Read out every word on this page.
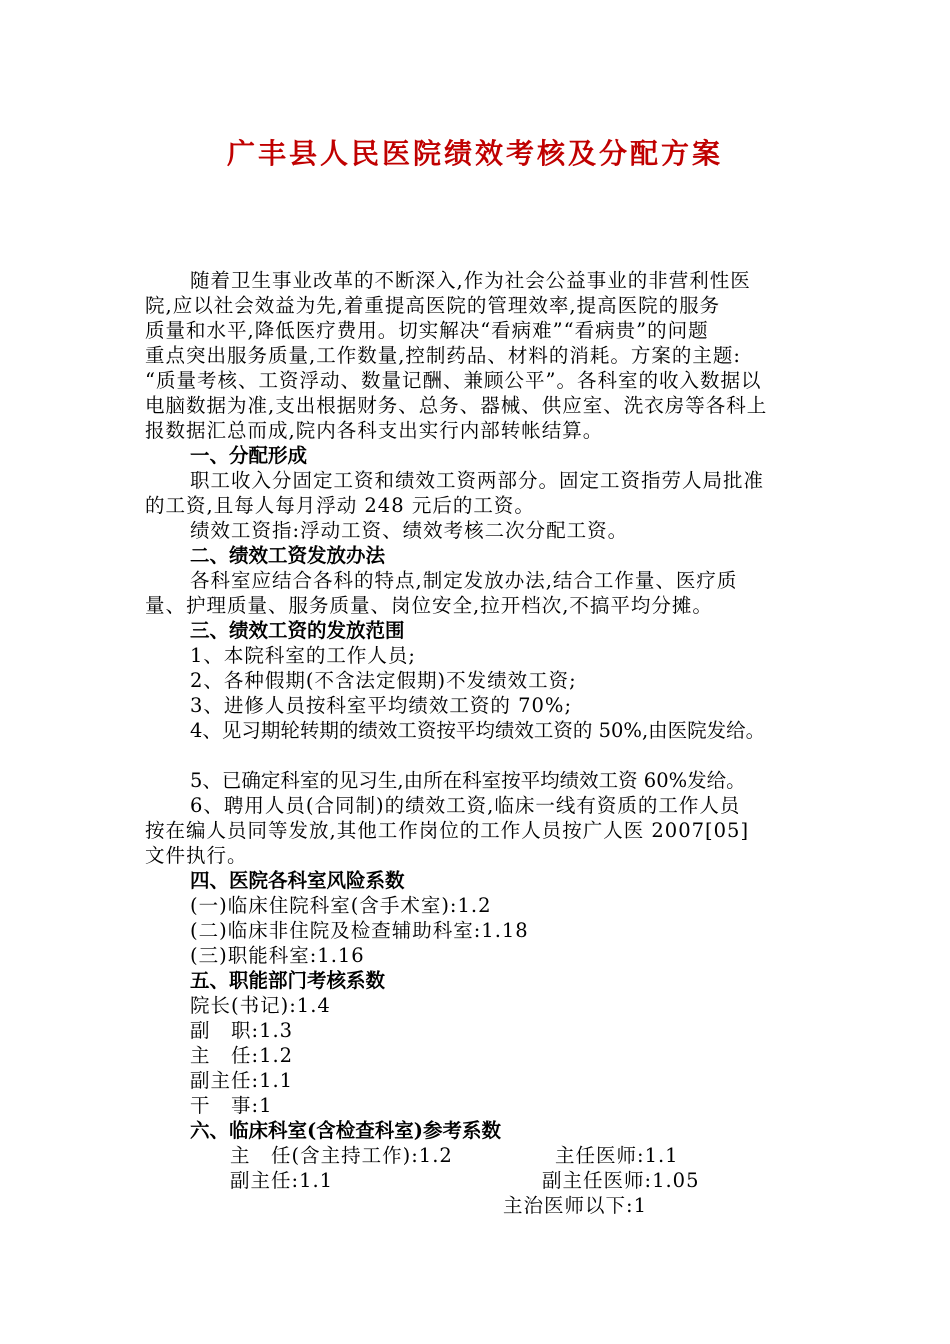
广丰县人民医院绩效考核及分配方案
随着卫生事业改革的不断深入,作为社会公益事业的非营利性医
院,应以社会效益为先,着重提高医院的管理效率,提高医院的服务
质量和水平,降低医疗费用。切实解决“看病难”“看病贵”的问题
重点突出服务质量,工作数量,控制药品、材料的消耗。方案的主题:
“质量考核、工资浮动、数量记酬、兼顾公平”。各科室的收入数据以
电脑数据为准,支出根据财务、总务、器械、供应室、洗衣房等各科上
报数据汇总而成,院内各科支出实行内部转帐结算。
一、分配形成
职工收入分固定工资和绩效工资两部分。固定工资指劳人局批准
的工资,且每人每月浮动 248 元后的工资。
绩效工资指:浮动工资、绩效考核二次分配工资。
二、绩效工资发放办法
各科室应结合各科的特点,制定发放办法,结合工作量、医疗质
量、护理质量、服务质量、岗位安全,拉开档次,不搞平均分摊。
三、绩效工资的发放范围
1、本院科室的工作人员;
2、各种假期(不含法定假期)不发绩效工资;
3、进修人员按科室平均绩效工资的 70%;
4、见习期轮转期的绩效工资按平均绩效工资的 50%,由医院发给。
5、已确定科室的见习生,由所在科室按平均绩效工资 60%发给。
6、聘用人员(合同制)的绩效工资,临床一线有资质的工作人员
按在编人员同等发放,其他工作岗位的工作人员按广人医 2007[05]
文件执行。
四、医院各科室风险系数
(一)临床住院科室(含手术室):1.2
(二)临床非住院及检查辅助科室:1.18
(三)职能科室:1.16
五、职能部门考核系数
院长(书记):1.4
副　职:1.3
主　任:1.2
副主任:1.1
干　事:1
六、临床科室(含检查科室)参考系数
主　任(含主持工作):1.2	主任医师:1.1
副主任:1.1	副主任医师:1.05
主治医师以下:1
